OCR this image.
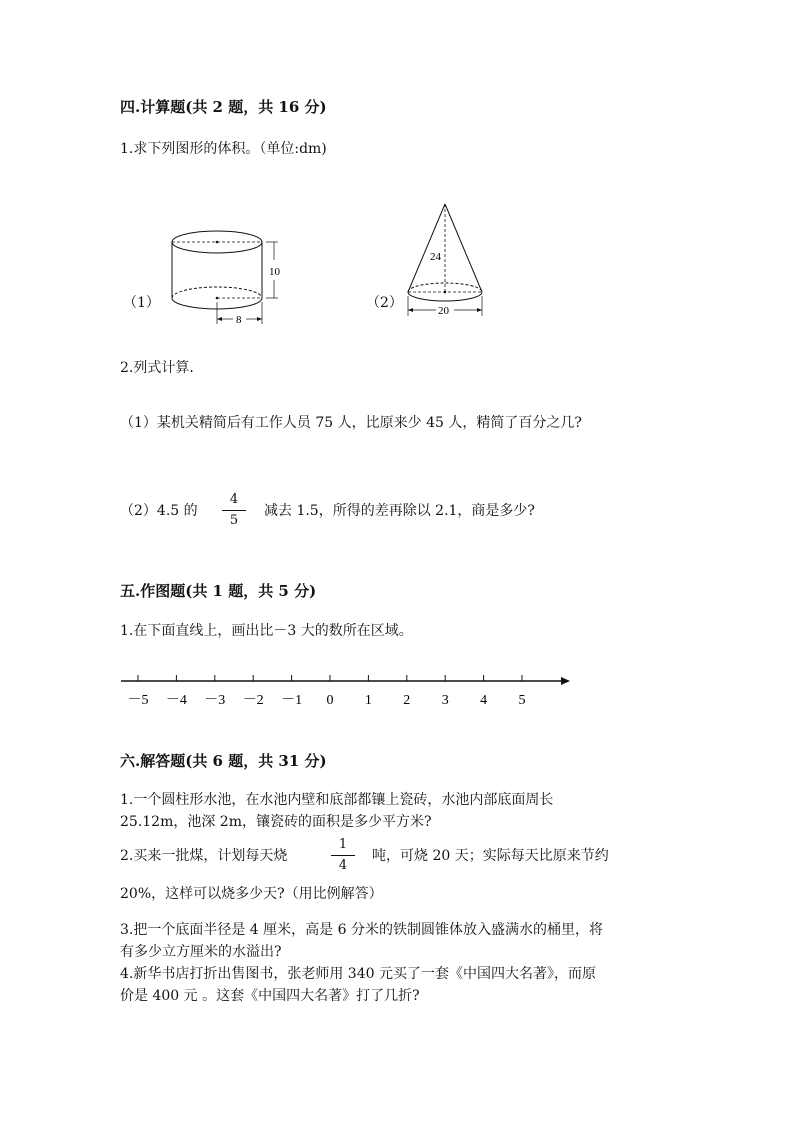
四.计算题(共 2 题，共 16 分)
1.求下列图形的体积。（单位:dm)
（1）
10
8
（2）
24
20
2.列式计算.
（1）某机关精简后有工作人员 75 人，比原来少 45 人，精简了百分之几?
（2）4.5 的
4
5
减去 1.5，所得的差再除以 2.1，商是多少?
五.作图题(共 1 题，共 5 分)
1.在下面直线上，画出比－3 大的数所在区域。
－5 －4 －3 －2 －1 0 1 2 3 4 5
六.解答题(共 6 题，共 31 分)
1.一个圆柱形水池，在水池内壁和底部都镶上瓷砖，水池内部底面周长
25.12m，池深 2m，镶瓷砖的面积是多少平方米?
2.买来一批煤，计划每天烧
1
4
吨，可烧 20 天；实际每天比原来节约
20%，这样可以烧多少天?（用比例解答）
3.把一个底面半径是 4 厘米，高是 6 分米的铁制圆锥体放入盛满水的桶里，将
有多少立方厘米的水溢出?
4.新华书店打折出售图书，张老师用 340 元买了一套《中国四大名著》，而原
价是 400 元 。这套《中国四大名著》打了几折?
